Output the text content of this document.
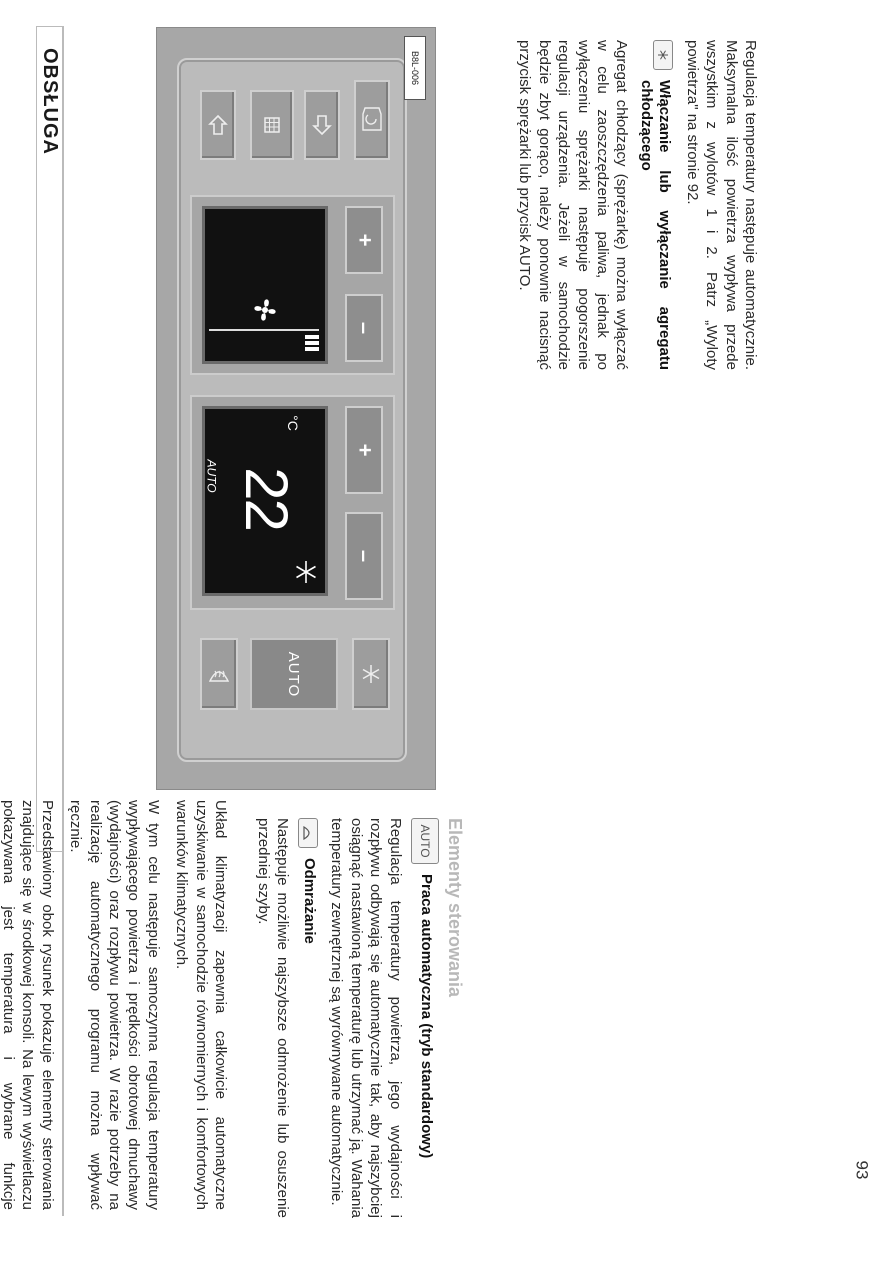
OBSŁUGA

Układ klimatyzacji zapewnia całkowicie automatyczne uzyskiwanie w samochodzie równomiernych i komfortowych warunków klimatycznych.

W tym celu następuje samoczynna regulacja temperatury wypływającego powietrza i prędkości obrotowej dmuchawy (wydajności) oraz rozpływu powietrza. W razie potrzeby na realizację automatycznego programu można wpływać ręcznie.

Przedstawiony obok rysunek pokazuje elementy sterowania znajdujące się w środkowej konsoli. Na lewym wyświetlaczu pokazywana jest temperatura i wybrane funkcje

B8L-006
+
–
AUTO 22
°C
+
–
AUTO
Elementy sterowania
AUTO
Praca automatyczna (tryb standardowy)

Regulacja temperatury powietrza, jego wydajności i rozpływu odbywają się automatycznie tak, aby najszybciej osiągnąć nastawioną temperaturę lub utrzymać ją. Wahania temperatury zewnętrznej są wyrównywane automatycznie.

Odmrażanie

Następuje możliwie najszybsze odmrożenie lub osuszenie przedniej szyby.

Regulacja temperatury następuje automatycznie. Maksymalna ilość powietrza wypływa przede wszystkim z wylotów 1 i 2. Patrz „Wyloty powietrza" na stronie 92.

Włączanie lub wyłączanie agregatu chłodzącego

Agregat chłodzący (sprężarkę) można wyłączać w celu zaoszczędzenia paliwa, jednak po wyłączeniu sprężarki następuje pogorszenie regulacji urządzenia. Jeżeli w samochodzie będzie zbyt gorąco, należy ponownie nacisnąć przycisk sprężarki lub przycisk AUTO.

93
